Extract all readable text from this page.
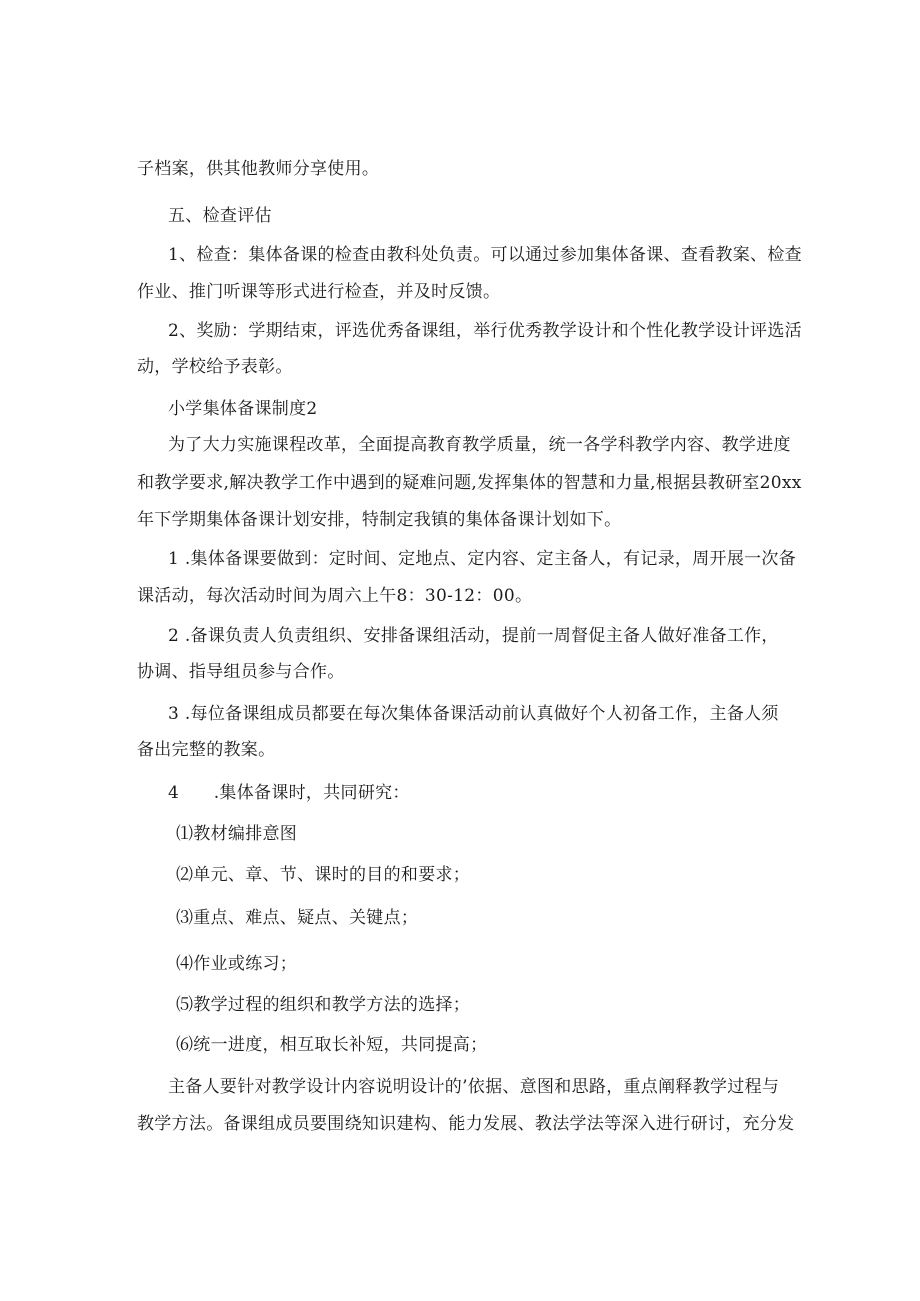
子档案，供其他教师分享使用。
五、检查评估
1、检查：集体备课的检查由教科处负责。可以通过参加集体备课、查看教案、检查
作业、推门听课等形式进行检查，并及时反馈。
2、奖励：学期结束，评选优秀备课组，举行优秀教学设计和个性化教学设计评选活
动，学校给予表彰。
小学集体备课制度2
为了大力实施课程改革，全面提高教育教学质量，统一各学科教学内容、教学进度
和教学要求,解决教学工作中遇到的疑难问题,发挥集体的智慧和力量,根据县教研室20xx
年下学期集体备课计划安排，特制定我镇的集体备课计划如下。
1 .集体备课要做到：定时间、定地点、定内容、定主备人，有记录，周开展一次备
课活动，每次活动时间为周六上午8：30-12：00。
2 .备课负责人负责组织、安排备课组活动，提前一周督促主备人做好准备工作，
协调、指导组员参与合作。
3 .每位备课组成员都要在每次集体备课活动前认真做好个人初备工作，主备人须
备出完整的教案。
4　　.集体备课时，共同研究：
⑴教材编排意图
⑵单元、章、节、课时的目的和要求；
⑶重点、难点、疑点、关键点；
⑷作业或练习；
⑸教学过程的组织和教学方法的选择；
⑹统一进度，相互取长补短，共同提高；
主备人要针对教学设计内容说明设计的’依据、意图和思路，重点阐释教学过程与
教学方法。备课组成员要围绕知识建构、能力发展、教法学法等深入进行研讨，充分发
